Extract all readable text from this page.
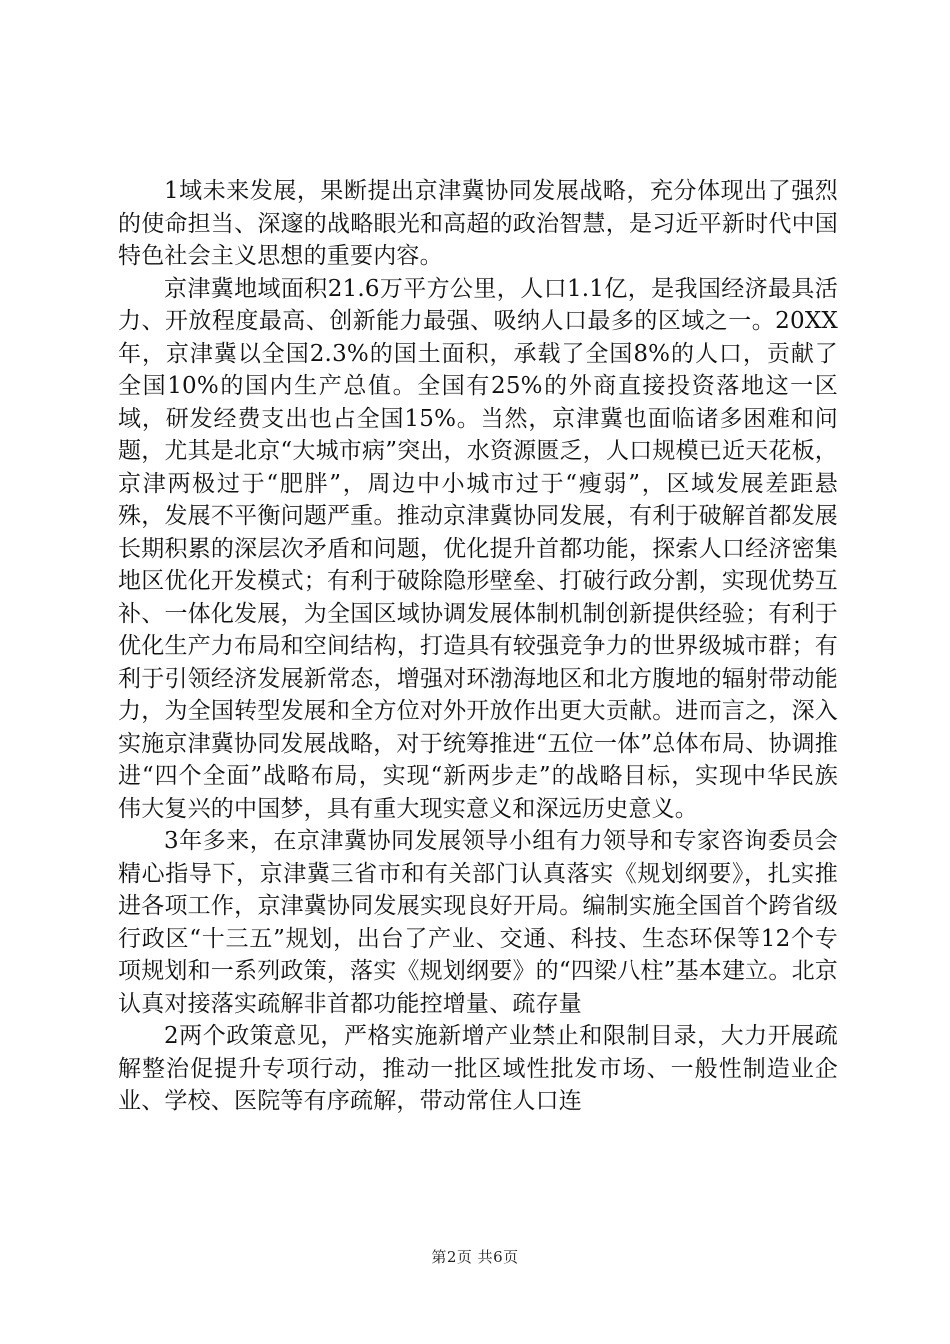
1域未来发展，果断提出京津冀协同发展战略，充分体现出了强烈的使命担当、深邃的战略眼光和高超的政治智慧，是习近平新时代中国特色社会主义思想的重要内容。

京津冀地域面积21.6万平方公里，人口1.1亿，是我国经济最具活力、开放程度最高、创新能力最强、吸纳人口最多的区域之一。20XX年，京津冀以全国2.3%的国土面积，承载了全国8%的人口，贡献了全国10%的国内生产总值。全国有25%的外商直接投资落地这一区域，研发经费支出也占全国15%。当然，京津冀也面临诸多困难和问题，尤其是北京“大城市病”突出，水资源匮乏，人口规模已近天花板，京津两极过于“肥胖”，周边中小城市过于“瘦弱”，区域发展差距悬殊，发展不平衡问题严重。推动京津冀协同发展，有利于破解首都发展长期积累的深层次矛盾和问题，优化提升首都功能，探索人口经济密集地区优化开发模式；有利于破除隐形壁垒、打破行政分割，实现优势互补、一体化发展，为全国区域协调发展体制机制创新提供经验；有利于优化生产力布局和空间结构，打造具有较强竞争力的世界级城市群；有利于引领经济发展新常态，增强对环渤海地区和北方腹地的辐射带动能力，为全国转型发展和全方位对外开放作出更大贡献。进而言之，深入实施京津冀协同发展战略，对于统筹推进“五位一体”总体布局、协调推进“四个全面”战略布局，实现“新两步走”的战略目标，实现中华民族伟大复兴的中国梦，具有重大现实意义和深远历史意义。

3年多来，在京津冀协同发展领导小组有力领导和专家咨询委员会精心指导下，京津冀三省市和有关部门认真落实《规划纲要》，扎实推进各项工作，京津冀协同发展实现良好开局。编制实施全国首个跨省级行政区“十三五”规划，出台了产业、交通、科技、生态环保等12个专项规划和一系列政策，落实《规划纲要》的“四梁八柱”基本建立。北京认真对接落实疏解非首都功能控增量、疏存量

2两个政策意见，严格实施新增产业禁止和限制目录，大力开展疏解整治促提升专项行动，推动一批区域性批发市场、一般性制造业企业、学校、医院等有序疏解，带动常住人口连

第2页 共6页
